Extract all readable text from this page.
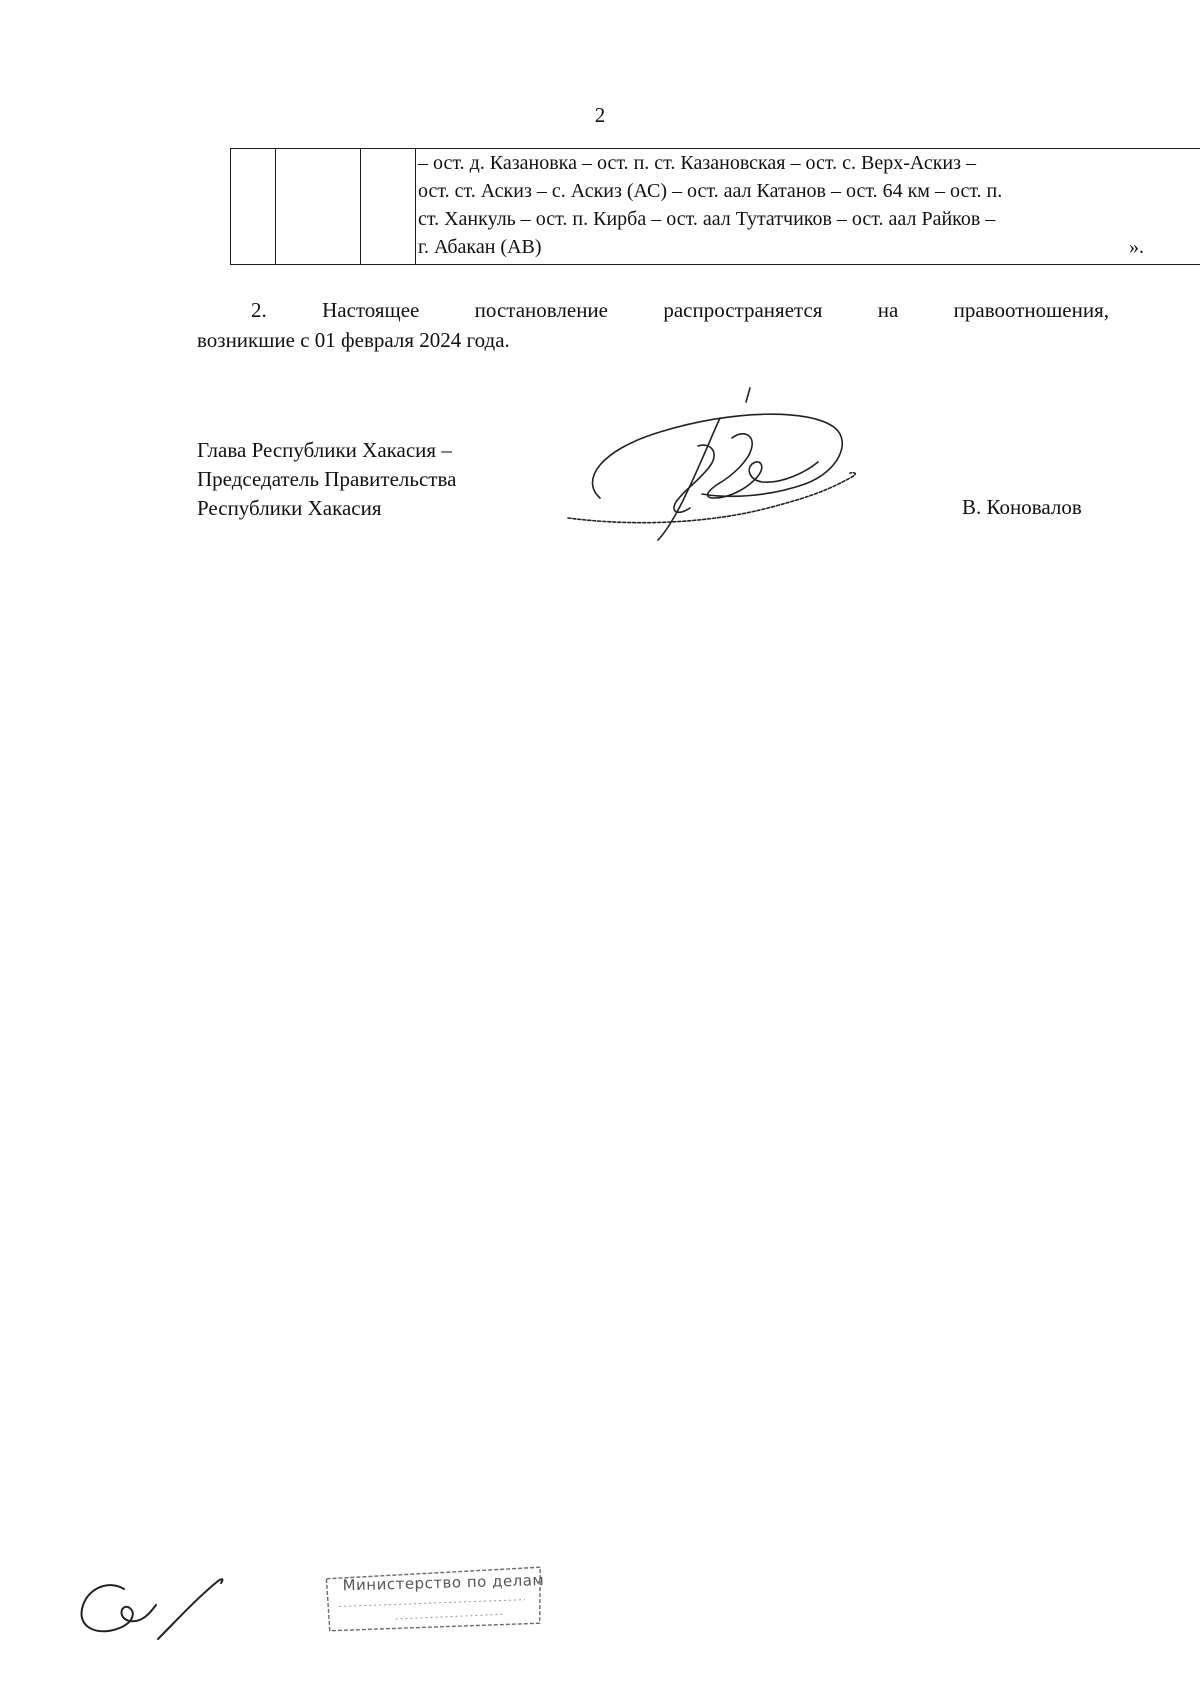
2

– ост. д. Казановка – ост. п. ст. Казановская – ост. с. Верх-Аскиз –
ост. ст. Аскиз – с. Аскиз (АС) – ост. аал Катанов – ост. 64 км – ост. п.
ст. Ханкуль – ост. п. Кирба – ост. аал Тутатчиков – ост. аал Райков –
г. Абакан (АВ)	».
2. Настоящее постановление распространяется на правоотношения,
возникшие с 01 февраля 2024 года.
Глава Республики Хакасия –
Председатель Правительства
Республики Хакасия	В. Коновалов
Министерство по делам
